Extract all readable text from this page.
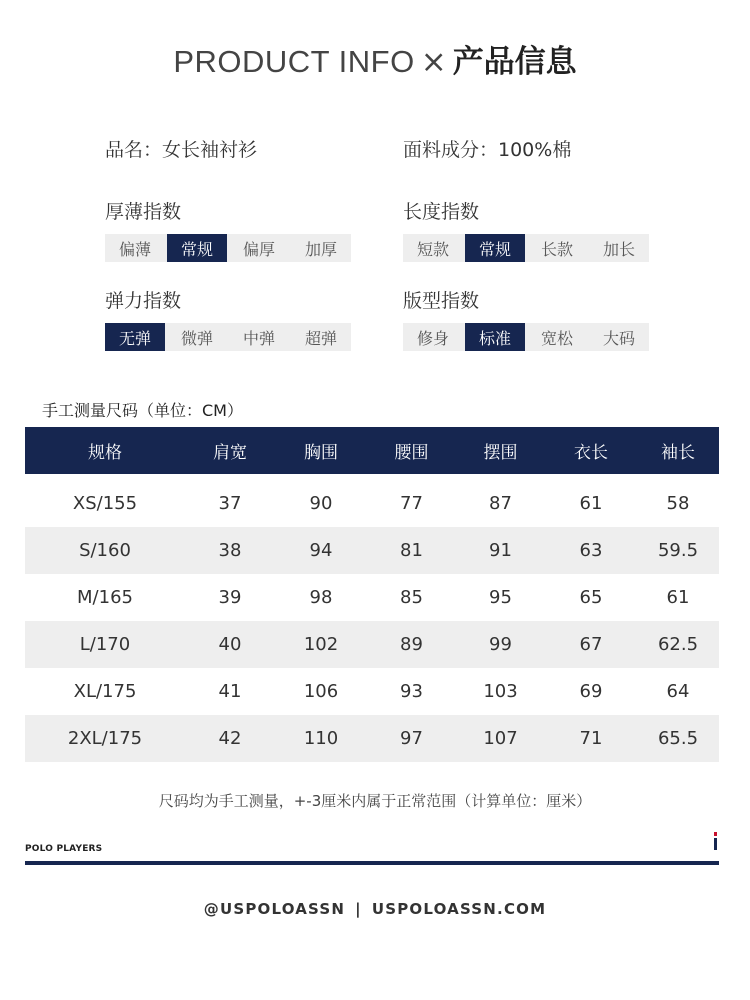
PRODUCT INFO × 产品信息
品名：女长袖衬衫	面料成分：100%棉
厚薄指数
偏薄	常规	偏厚	加厚
长度指数
短款	常规	长款	加长
弹力指数
无弹	微弹	中弹	超弹
版型指数
修身	标准	宽松	大码
手工测量尺码（单位：CM）
规格	肩宽	胸围	腰围	摆围	衣长	袖长
XS/155	37	90	77	87	61	58
S/160	38	94	81	91	63	59.5
M/165	39	98	85	95	65	61
L/170	40	102	89	99	67	62.5
XL/175	41	106	93	103	69	64
2XL/175	42	110	97	107	71	65.5
尺码均为手工测量，+-3厘米内属于正常范围（计算单位：厘米）
POLO PLAYERS
@USPOLOASSN | USPOLOASSN.COM
